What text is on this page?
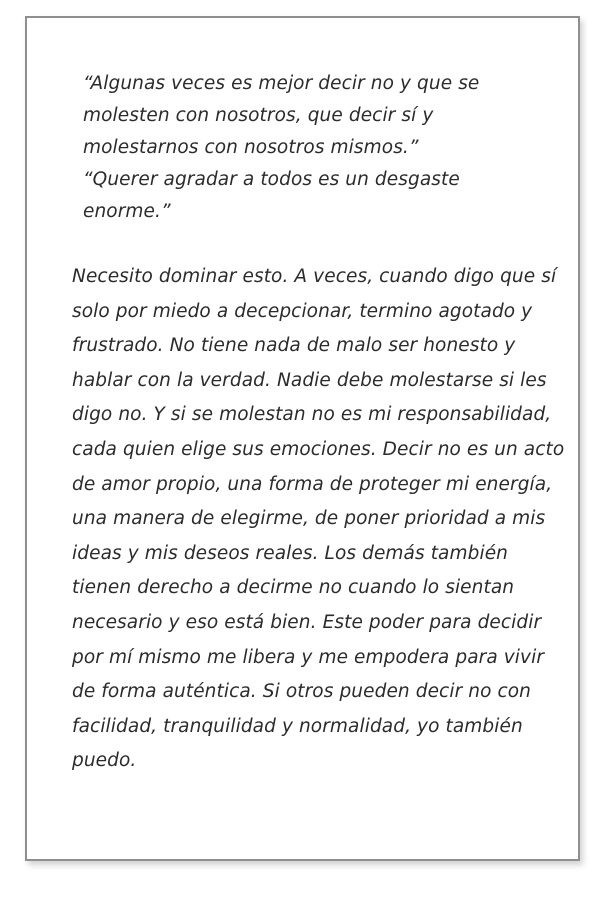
“Algunas veces es mejor decir no y que se molesten con nosotros, que decir sí y molestarnos con nosotros mismos.”

“Querer agradar a todos es un desgaste enorme.”

Necesito dominar esto. A veces, cuando digo que sí solo por miedo a decepcionar, termino agotado y frustrado. No tiene nada de malo ser honesto y hablar con la verdad. Nadie debe molestarse si les digo no. Y si se molestan no es mi responsabilidad, cada quien elige sus emociones. Decir no es un acto de amor propio, una forma de proteger mi energía, una manera de elegirme, de poner prioridad a mis ideas y mis deseos reales. Los demás también tienen derecho a decirme no cuando lo sientan necesario y eso está bien. Este poder para decidir por mí mismo me libera y me empodera para vivir de forma auténtica. Si otros pueden decir no con facilidad, tranquilidad y normalidad, yo también puedo.
